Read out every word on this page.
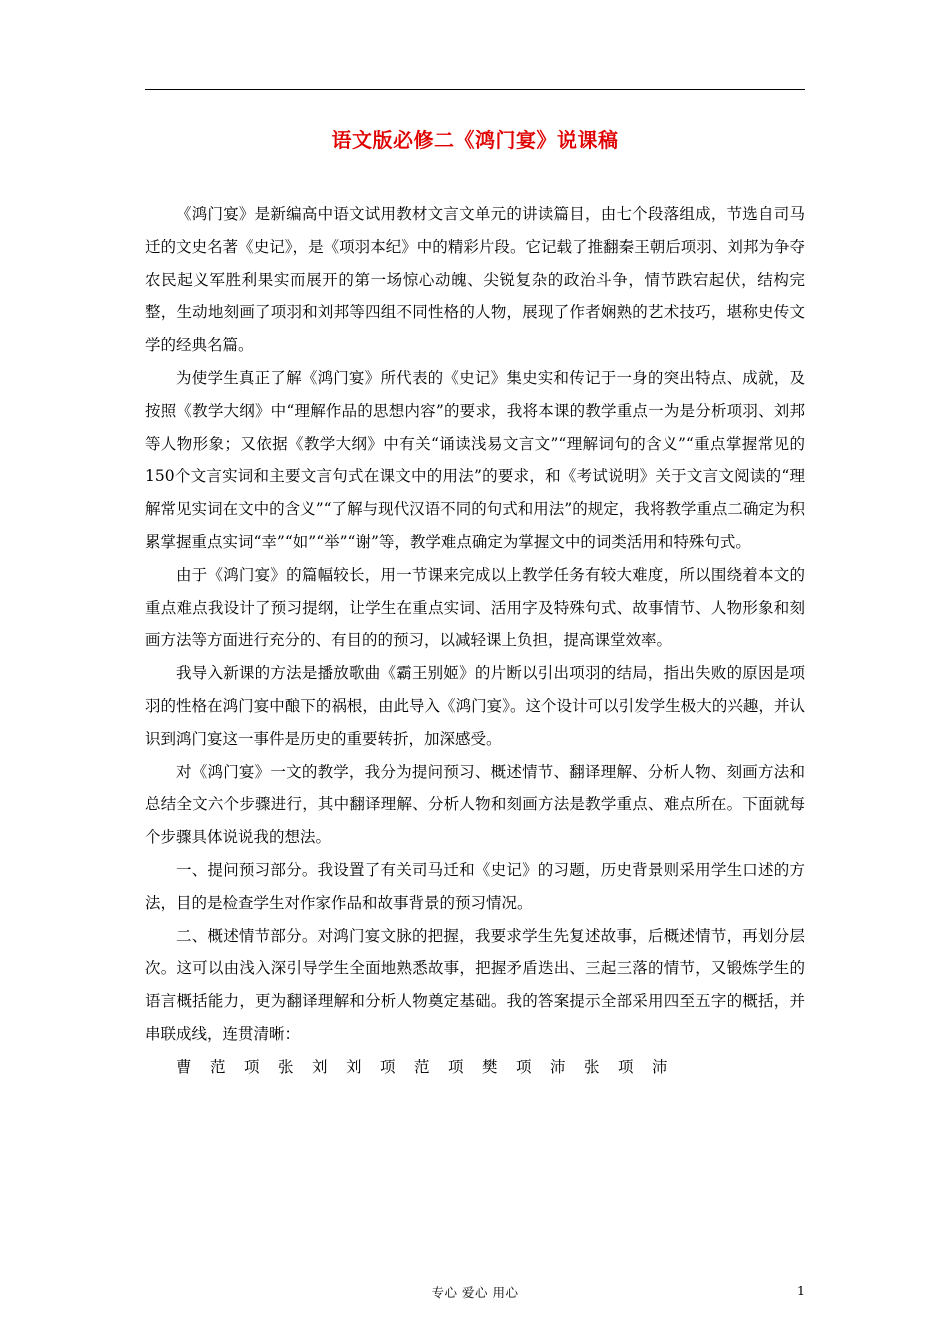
语文版必修二《鸿门宴》说课稿

《鸿门宴》是新编高中语文试用教材文言文单元的讲读篇目，由七个段落组成，节选自司马迁的文史名著《史记》，是《项羽本纪》中的精彩片段。它记载了推翻秦王朝后项羽、刘邦为争夺农民起义军胜利果实而展开的第一场惊心动魄、尖锐复杂的政治斗争，情节跌宕起伏，结构完整，生动地刻画了项羽和刘邦等四组不同性格的人物，展现了作者娴熟的艺术技巧，堪称史传文学的经典名篇。

为使学生真正了解《鸿门宴》所代表的《史记》集史实和传记于一身的突出特点、成就，及按照《教学大纲》中“理解作品的思想内容”的要求，我将本课的教学重点一为是分析项羽、刘邦等人物形象；又依据《教学大纲》中有关“诵读浅易文言文”“理解词句的含义”“重点掌握常见的150个文言实词和主要文言句式在课文中的用法”的要求，和《考试说明》关于文言文阅读的“理解常见实词在文中的含义”“了解与现代汉语不同的句式和用法”的规定，我将教学重点二确定为积累掌握重点实词“幸”“如”“举”“谢”等，教学难点确定为掌握文中的词类活用和特殊句式。

由于《鸿门宴》的篇幅较长，用一节课来完成以上教学任务有较大难度，所以围绕着本文的重点难点我设计了预习提纲，让学生在重点实词、活用字及特殊句式、故事情节、人物形象和刻画方法等方面进行充分的、有目的的预习，以减轻课上负担，提高课堂效率。

我导入新课的方法是播放歌曲《霸王别姬》的片断以引出项羽的结局，指出失败的原因是项羽的性格在鸿门宴中酿下的祸根，由此导入《鸿门宴》。这个设计可以引发学生极大的兴趣，并认识到鸿门宴这一事件是历史的重要转折，加深感受。

对《鸿门宴》一文的教学，我分为提问预习、概述情节、翻译理解、分析人物、刻画方法和总结全文六个步骤进行，其中翻译理解、分析人物和刻画方法是教学重点、难点所在。下面就每个步骤具体说说我的想法。

一、提问预习部分。我设置了有关司马迁和《史记》的习题，历史背景则采用学生口述的方法，目的是检查学生对作家作品和故事背景的预习情况。

二、概述情节部分。对鸿门宴文脉的把握，我要求学生先复述故事，后概述情节，再划分层次。这可以由浅入深引导学生全面地熟悉故事，把握矛盾迭出、三起三落的情节，又锻炼学生的语言概括能力，更为翻译理解和分析人物奠定基础。我的答案提示全部采用四至五字的概括，并串联成线，连贯清晰：

曹	范	项	张	刘	刘	项	范	项	樊	项	沛	张	项	沛
专心 爱心 用心	1
